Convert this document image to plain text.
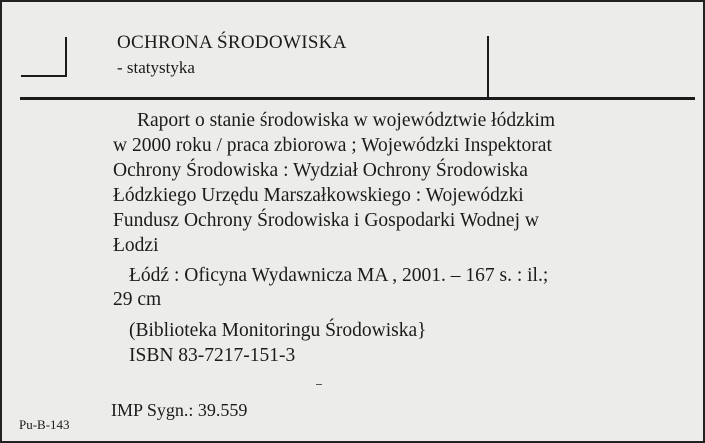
OCHRONA ŚRODOWISKA
- statystyka
Raport o stanie środowiska w województwie łódzkim
w 2000 roku / praca zbiorowa ; Wojewódzki Inspektorat
Ochrony Środowiska : Wydział Ochrony Środowiska
Łódzkiego Urzędu Marszałkowskiego : Wojewódzki
Fundusz Ochrony Środowiska i Gospodarki Wodnej w
Łodzi
Łódź : Oficyna Wydawnicza MA , 2001. – 167 s. : il.;
29 cm
(Biblioteka Monitoringu Środowiska}
ISBN 83-7217-151-3
IMP Sygn.: 39.559
Pu-B-143
